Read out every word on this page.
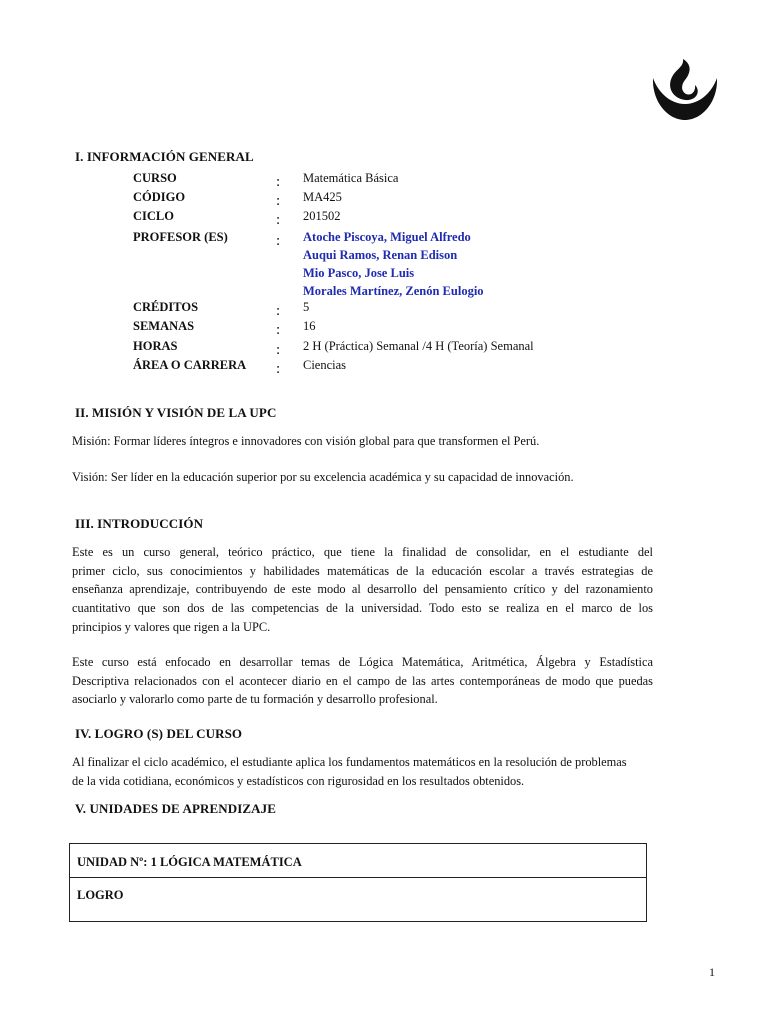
I. INFORMACIÓN GENERAL
CURSO	: Matemática Básica
CÓDIGO	: MA425
CICLO	: 201502
PROFESOR (ES)	: Atoche Piscoya, Miguel Alfredo
Auqui Ramos, Renan Edison
Mio Pasco, Jose Luis
Morales Martínez, Zenón Eulogio
CRÉDITOS	: 5
SEMANAS	: 16
HORAS	: 2 H (Práctica) Semanal /4 H (Teoría) Semanal
ÁREA O CARRERA : Ciencias
II. MISIÓN Y VISIÓN DE LA UPC
Misión: Formar líderes íntegros e innovadores con visión global para que transformen el Perú.
Visión: Ser líder en la educación superior por su excelencia académica y su capacidad de innovación.
III. INTRODUCCIÓN
Este es un curso general, teórico práctico, que tiene la finalidad de consolidar, en el estudiante del
primer ciclo, sus conocimientos y habilidades matemáticas de la educación escolar a través estrategias de
enseñanza aprendizaje, contribuyendo de este modo al desarrollo del pensamiento crítico y del razonamiento
cuantitativo que son dos de las competencias de la universidad. Todo esto se realiza en el marco de los
principios y valores que rigen a la UPC.
Este curso está enfocado en desarrollar temas de Lógica Matemática, Aritmética, Álgebra y Estadística
Descriptiva relacionados con el acontecer diario en el campo de las artes contemporáneas de modo que puedas
asociarlo y valorarlo como parte de tu formación y desarrollo profesional.
IV. LOGRO (S) DEL CURSO
Al finalizar el ciclo académico, el estudiante aplica los fundamentos matemáticos en la resolución de problemas
de la vida cotidiana, económicos y estadísticos con rigurosidad en los resultados obtenidos.
V. UNIDADES DE APRENDIZAJE
UNIDAD Nº: 1 LÓGICA MATEMÁTICA
LOGRO
1
